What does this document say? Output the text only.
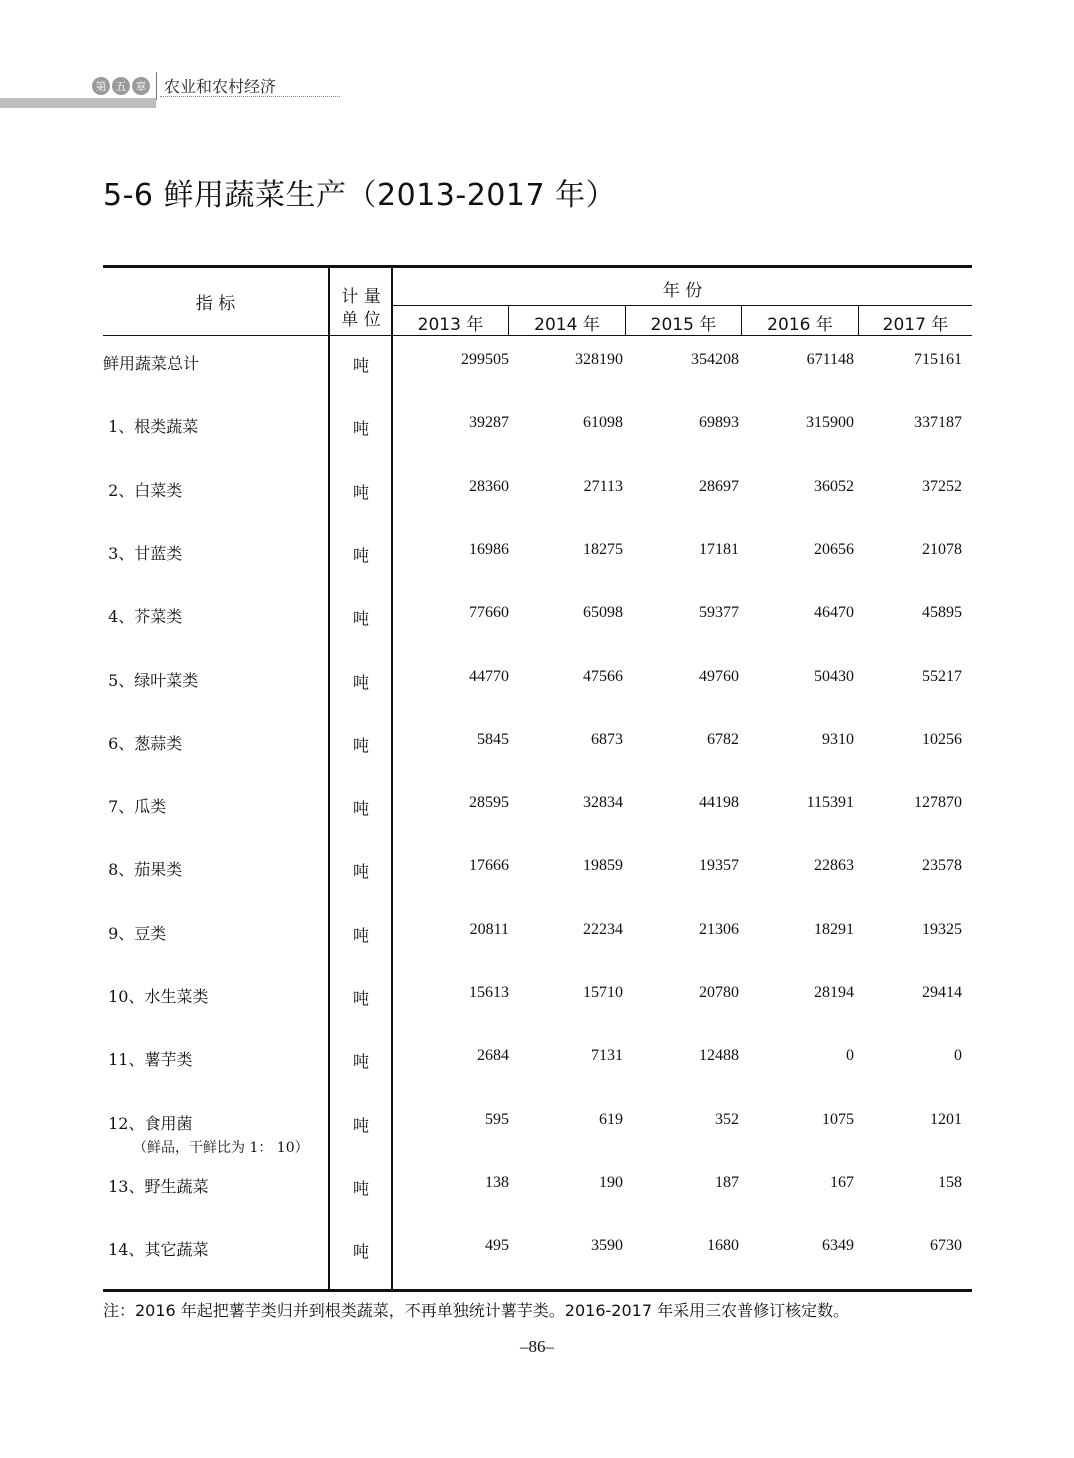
第 五 章 农业和农村经济
5-6 鲜用蔬菜生产（2013-2017 年）
指 标	计 量
单 位
年 份
2013 年	2014 年	2015 年	2016 年	2017 年
鲜用蔬菜总计	吨	299505	328190	354208	671148	715161
1、根类蔬菜	吨	39287	61098	69893	315900	337187
2、白菜类	吨	28360	27113	28697	36052	37252
3、甘蓝类	吨	16986	18275	17181	20656	21078
4、芥菜类	吨	77660	65098	59377	46470	45895
5、绿叶菜类	吨	44770	47566	49760	50430	55217
6、葱蒜类	吨	5845	6873	6782	9310	10256
7、瓜类	吨	28595	32834	44198	115391	127870
8、茄果类	吨	17666	19859	19357	22863	23578
9、豆类	吨	20811	22234	21306	18291	19325
10、水生菜类	吨	15613	15710	20780	28194	29414
11、薯芋类	吨	2684	7131	12488	0	0
12、食用菌
（鲜品，干鲜比为 1： 10）
吨	595	619	352	1075	1201
13、野生蔬菜	吨	138	190	187	167	158
14、其它蔬菜	吨	495	3590	1680	6349	6730
注：2016 年起把薯芋类归并到根类蔬菜，不再单独统计薯芋类。2016-2017 年采用三农普修订核定数。
–86–
